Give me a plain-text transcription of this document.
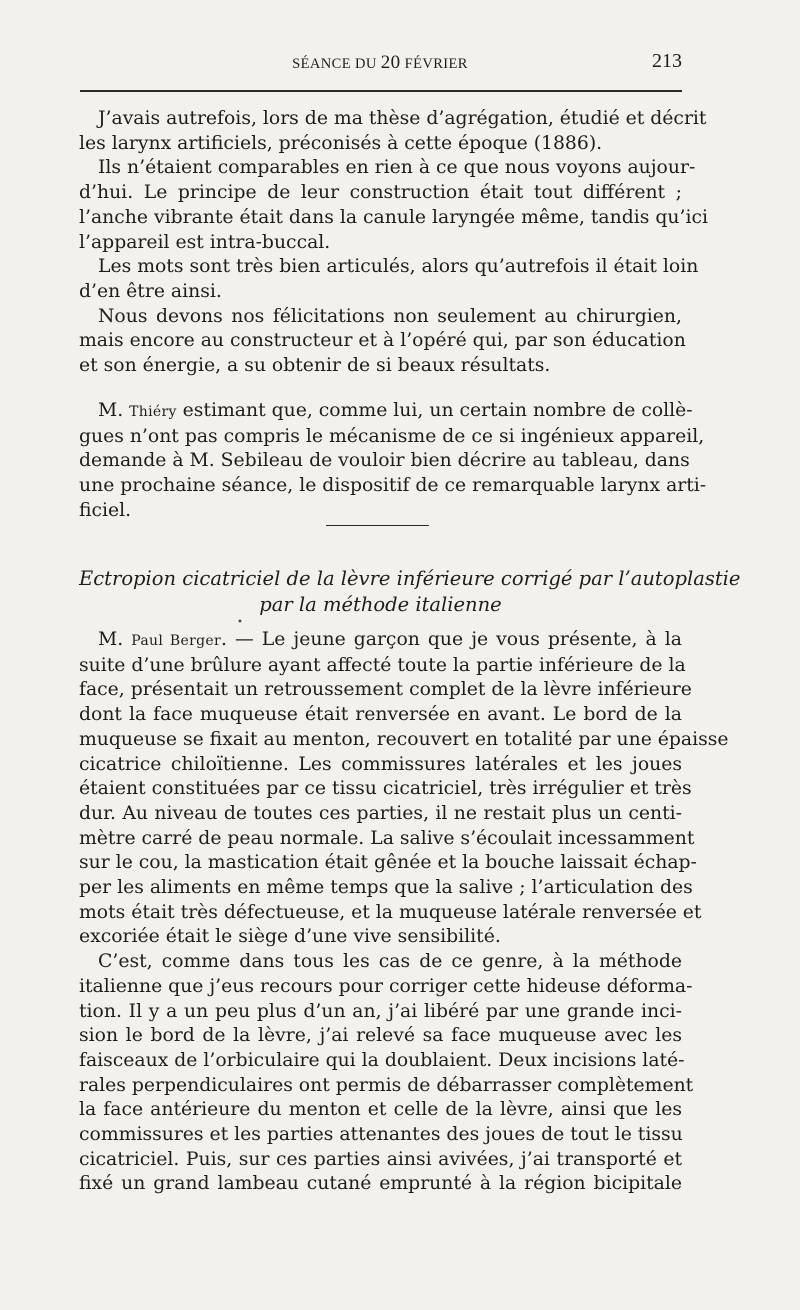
SÉANCE DU 20 FÉVRIER	213
J’avais autrefois, lors de ma thèse d’agrégation, étudié et décrit
les larynx artificiels, préconisés à cette époque (1886).
Ils n’étaient comparables en rien à ce que nous voyons aujour-
d’hui. Le principe de leur construction était tout différent ;
l’anche vibrante était dans la canule laryngée même, tandis qu’ici
l’appareil est intra-buccal.
Les mots sont très bien articulés, alors qu’autrefois il était loin
d’en être ainsi.
Nous devons nos félicitations non seulement au chirurgien,
mais encore au constructeur et à l’opéré qui, par son éducation
et son énergie, a su obtenir de si beaux résultats.
M. Thiéry estimant que, comme lui, un certain nombre de collè-
gues n’ont pas compris le mécanisme de ce si ingénieux appareil,
demande à M. Sebileau de vouloir bien décrire au tableau, dans
une prochaine séance, le dispositif de ce remarquable larynx arti-
ficiel.
Ectropion cicatriciel de la lèvre inférieure corrigé par l’autoplastie
par la méthode italienne
M. Paul Berger. — Le jeune garçon que je vous présente, à la
suite d’une brûlure ayant affecté toute la partie inférieure de la
face, présentait un retroussement complet de la lèvre inférieure
dont la face muqueuse était renversée en avant. Le bord de la
muqueuse se fixait au menton, recouvert en totalité par une épaisse
cicatrice chiloïtienne. Les commissures latérales et les joues
étaient constituées par ce tissu cicatriciel, très irrégulier et très
dur. Au niveau de toutes ces parties, il ne restait plus un centi-
mètre carré de peau normale. La salive s’écoulait incessamment
sur le cou, la mastication était gênée et la bouche laissait échap-
per les aliments en même temps que la salive ; l’articulation des
mots était très défectueuse, et la muqueuse latérale renversée et
excoriée était le siège d’une vive sensibilité.
C’est, comme dans tous les cas de ce genre, à la méthode
italienne que j’eus recours pour corriger cette hideuse déforma-
tion. Il y a un peu plus d’un an, j’ai libéré par une grande inci-
sion le bord de la lèvre, j’ai relevé sa face muqueuse avec les
faisceaux de l’orbiculaire qui la doublaient. Deux incisions laté-
rales perpendiculaires ont permis de débarrasser complètement
la face antérieure du menton et celle de la lèvre, ainsi que les
commissures et les parties attenantes des joues de tout le tissu
cicatriciel. Puis, sur ces parties ainsi avivées, j’ai transporté et
fixé un grand lambeau cutané emprunté à la région bicipitale
•
